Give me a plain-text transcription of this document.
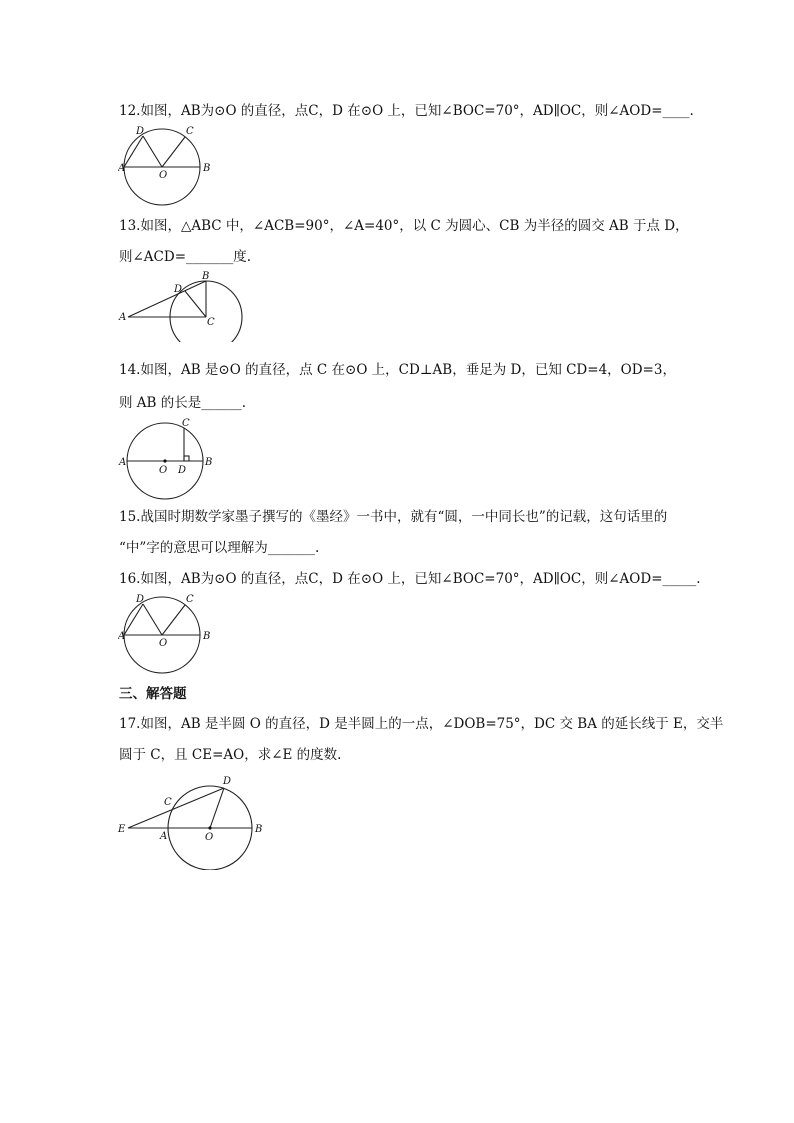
12.如图，AB为⊙O 的直径，点C，D 在⊙O 上，已知∠BOC=70°，AD∥OC，则∠AOD=____.
D	C
A
O
B
13.如图，△ABC 中，∠ACB=90°，∠A=40°，以 C 为圆心、CB 为半径的圆交 AB 于点 D，
则∠ACD=_______度.
B
D
A	C
14.如图，AB 是⊙O 的直径，点 C 在⊙O 上，CD⊥AB，垂足为 D，已知 CD=4，OD=3，
则 AB 的长是______.
C
A
O D
B
15.战国时期数学家墨子撰写的《墨经》一书中，就有“圆，一中同长也”的记载，这句话里的
“中”字的意思可以理解为_______.
16.如图，AB为⊙O 的直径，点C，D 在⊙O 上，已知∠BOC=70°，AD∥OC，则∠AOD=_____.
D	C
A
O
B
三、解答题
17.如图，AB 是半圆 O 的直径，D 是半圆上的一点，∠DOB=75°，DC 交 BA 的延长线于 E，交半
圆于 C，且 CE=AO，求∠E 的度数.
D
C
E
A	O
B
